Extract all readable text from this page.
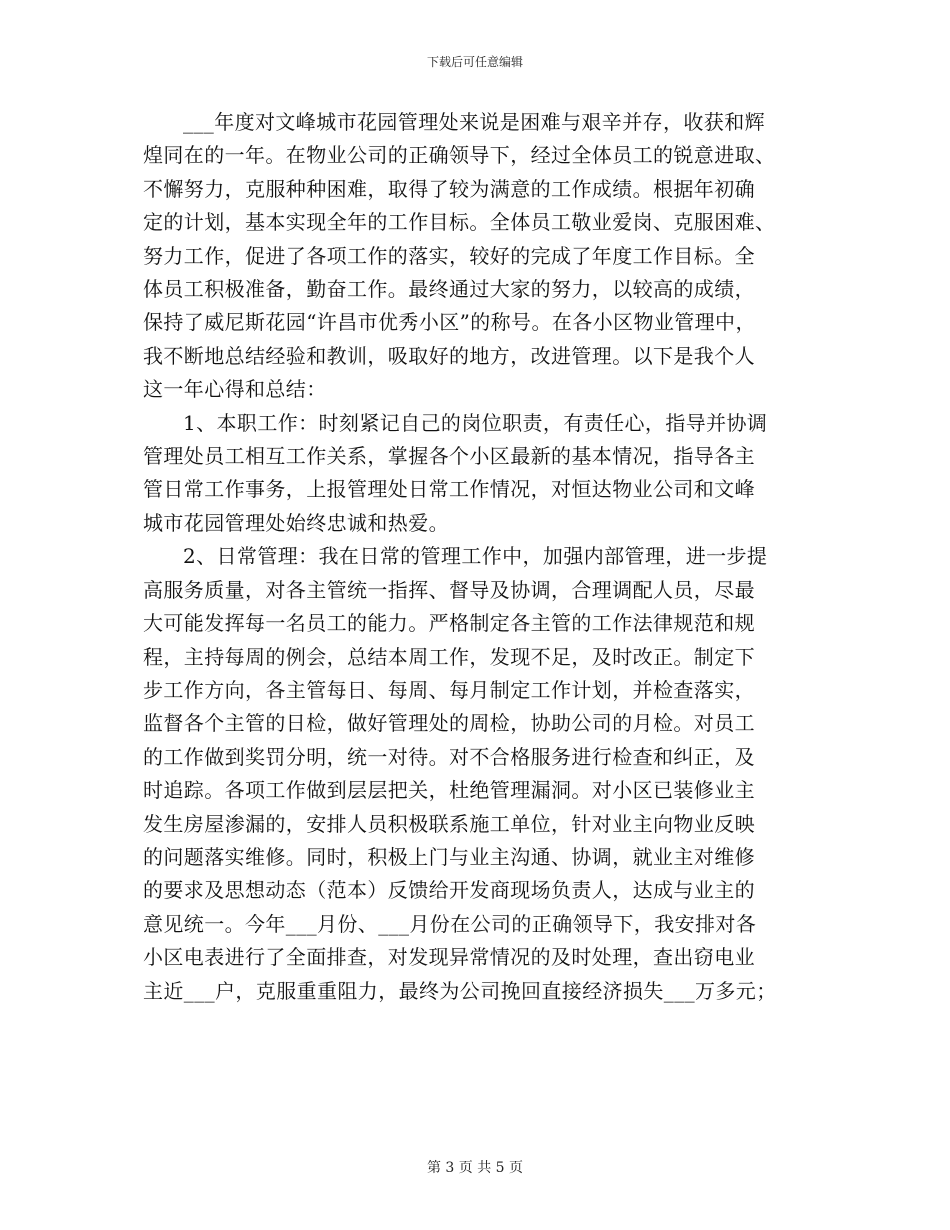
下载后可任意编辑
___年度对文峰城市花园管理处来说是困难与艰辛并存，收获和辉
煌同在的一年。在物业公司的正确领导下，经过全体员工的锐意进取、
不懈努力，克服种种困难，取得了较为满意的工作成绩。根据年初确
定的计划，基本实现全年的工作目标。全体员工敬业爱岗、克服困难、
努力工作，促进了各项工作的落实，较好的完成了年度工作目标。全
体员工积极准备，勤奋工作。最终通过大家的努力，以较高的成绩，
保持了威尼斯花园“许昌市优秀小区”的称号。在各小区物业管理中，
我不断地总结经验和教训，吸取好的地方，改进管理。以下是我个人
这一年心得和总结：
1、本职工作：时刻紧记自己的岗位职责，有责任心，指导并协调
管理处员工相互工作关系，掌握各个小区最新的基本情况，指导各主
管日常工作事务，上报管理处日常工作情况，对恒达物业公司和文峰
城市花园管理处始终忠诚和热爱。
2、日常管理：我在日常的管理工作中，加强内部管理，进一步提
高服务质量，对各主管统一指挥、督导及协调，合理调配人员，尽最
大可能发挥每一名员工的能力。严格制定各主管的工作法律规范和规
程，主持每周的例会，总结本周工作，发现不足，及时改正。制定下
步工作方向，各主管每日、每周、每月制定工作计划，并检查落实，
监督各个主管的日检，做好管理处的周检，协助公司的月检。对员工
的工作做到奖罚分明，统一对待。对不合格服务进行检查和纠正，及
时追踪。各项工作做到层层把关，杜绝管理漏洞。对小区已装修业主
发生房屋渗漏的，安排人员积极联系施工单位，针对业主向物业反映
的问题落实维修。同时，积极上门与业主沟通、协调，就业主对维修
的要求及思想动态（范本）反馈给开发商现场负责人，达成与业主的
意见统一。今年___月份、___月份在公司的正确领导下，我安排对各
小区电表进行了全面排查，对发现异常情况的及时处理，查出窃电业
主近___户，克服重重阻力，最终为公司挽回直接经济损失___万多元；
第 3 页 共 5 页
